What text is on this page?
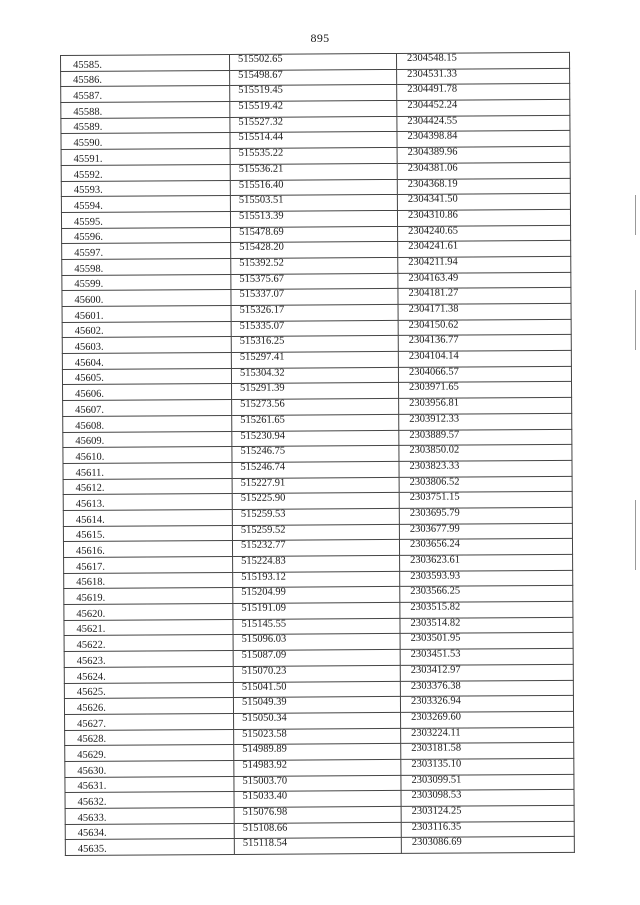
895
45585.	515502.65	2304548.15
45586.	515498.67	2304531.33
45587.	515519.45	2304491.78
45588.	515519.42	2304452.24
45589.	515527.32	2304424.55
45590.	515514.44	2304398.84
45591.	515535.22	2304389.96
45592.	515536.21	2304381.06
45593.	515516.40	2304368.19
45594.	515503.51	2304341.50
45595.	515513.39	2304310.86
45596.	515478.69	2304240.65
45597.	515428.20	2304241.61
45598.	515392.52	2304211.94
45599.	515375.67	2304163.49
45600.	515337.07	2304181.27
45601.	515326.17	2304171.38
45602.	515335.07	2304150.62
45603.	515316.25	2304136.77
45604.	515297.41	2304104.14
45605.	515304.32	2304066.57
45606.	515291.39	2303971.65
45607.	515273.56	2303956.81
45608.	515261.65	2303912.33
45609.	515230.94	2303889.57
45610.	515246.75	2303850.02
45611.	515246.74	2303823.33
45612.	515227.91	2303806.52
45613.	515225.90	2303751.15
45614.	515259.53	2303695.79
45615.	515259.52	2303677.99
45616.	515232.77	2303656.24
45617.	515224.83	2303623.61
45618.	515193.12	2303593.93
45619.	515204.99	2303566.25
45620.	515191.09	2303515.82
45621.	515145.55	2303514.82
45622.	515096.03	2303501.95
45623.	515087.09	2303451.53
45624.	515070.23	2303412.97
45625.	515041.50	2303376.38
45626.	515049.39	2303326.94
45627.	515050.34	2303269.60
45628.	515023.58	2303224.11
45629.	514989.89	2303181.58
45630.	514983.92	2303135.10
45631.	515003.70	2303099.51
45632.	515033.40	2303098.53
45633.	515076.98	2303124.25
45634.	515108.66	2303116.35
45635.	515118.54	2303086.69
